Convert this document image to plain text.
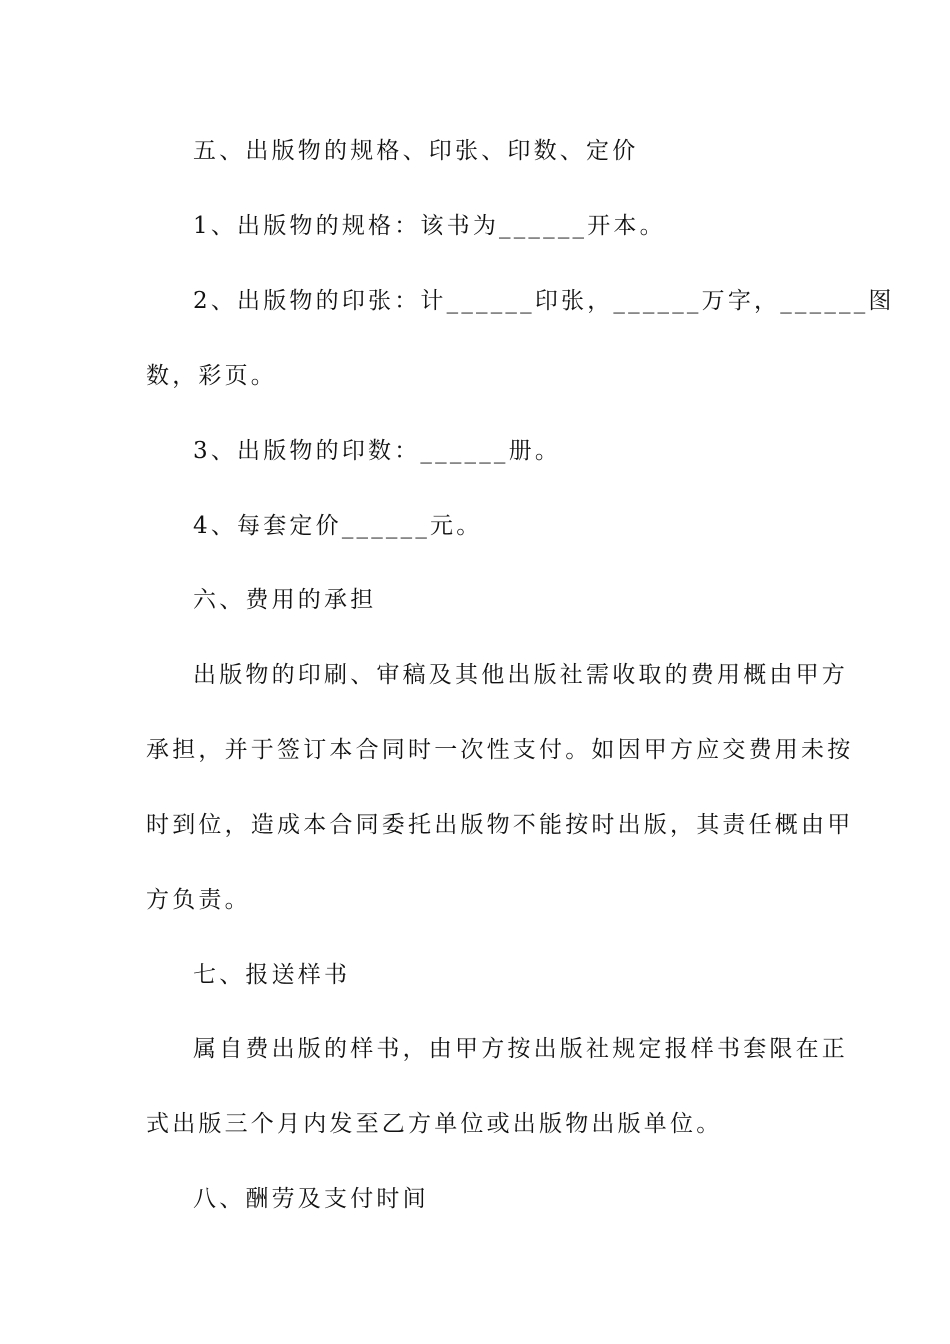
五、出版物的规格、印张、印数、定价
1、出版物的规格：该书为______开本。
2、出版物的印张：计______印张，______万字，______图
数，彩页。
3、出版物的印数：______册。
4、每套定价______元。
六、费用的承担
出版物的印刷、审稿及其他出版社需收取的费用概由甲方
承担，并于签订本合同时一次性支付。如因甲方应交费用未按
时到位，造成本合同委托出版物不能按时出版，其责任概由甲
方负责。
七、报送样书
属自费出版的样书，由甲方按出版社规定报样书套限在正
式出版三个月内发至乙方单位或出版物出版单位。
八、酬劳及支付时间
